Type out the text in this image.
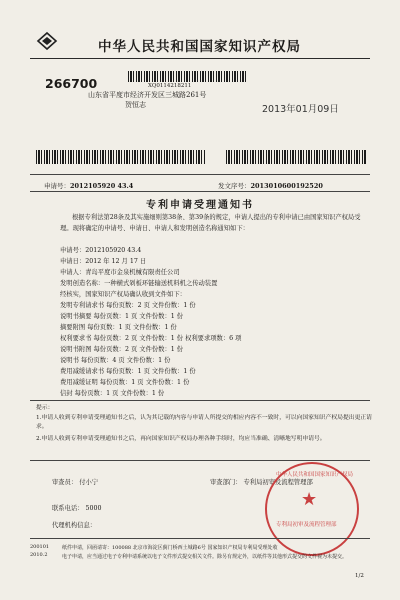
中华人民共和国国家知识产权局
266700	XQ0114218211
山东省平度市经济开发区三城路261号
贺恒志	2013年01月09日
申请号：2012105920 43.4	发文序号：2013010600192520
专利申请受理通知书

根据专利法第28条及其实施细则第38条、第39条的规定，申请人提出的专利申请已由国家知识产权局受理。现将确定的申请号、申请日、申请人和发明创造名称通知如下：

申请号：2012105920 43.4
申请日：2012 年 12 月 17 日
申请人：青岛平度市金泉机械有限责任公司
发明创造名称：一种横式剁板环链输送机料机之传动装置
经核实，国家知识产权局确认收到文件如下：
发明专利请求书 每份页数：2 页 文件份数：1 份
说明书摘要 每份页数：1 页 文件份数：1 份
摘要附图 每份页数：1 页 文件份数：1 份
权利要求书 每份页数：2 页 文件份数：1 份 权利要求项数：6 项
说明书附图 每份页数：2 页 文件份数：1 份
说明书 每份页数：4 页 文件份数：1 份
费用减缓请求书 每份页数：1 页 文件份数：1 份
费用减缓证明 每份页数：1 页 文件份数：1 份
信封 每份页数：1 页 文件份数：1 份
提示：
1.申请人收到专利申请受理通知书之后，认为其记载的内容与申请人所提交的相应内容不一致时，可以向国家知识产权局提出更正请求。
2.申请人收到专利申请受理通知书之后，再向国家知识产权局办理各种手续时，均应当准确、清晰地写明申请号。
审查员： 付小宁	审查部门： 专利局初审及流程管理部
联系电话： 5000
代理机构信息：
★
中华人民共和国国家知识产权局
专利局初审及流程管理部
200101
2010.2
纸件申请，回函请寄：100088 北京市海淀区蓟门桥西土城路6号 国家知识产权局专利局受理处收
电子申请，应当通过电子专利申请系统以电子文件形式提交相关文件。除另有规定外，以纸件等其他形式提交的文件视为未提交。
1/2
